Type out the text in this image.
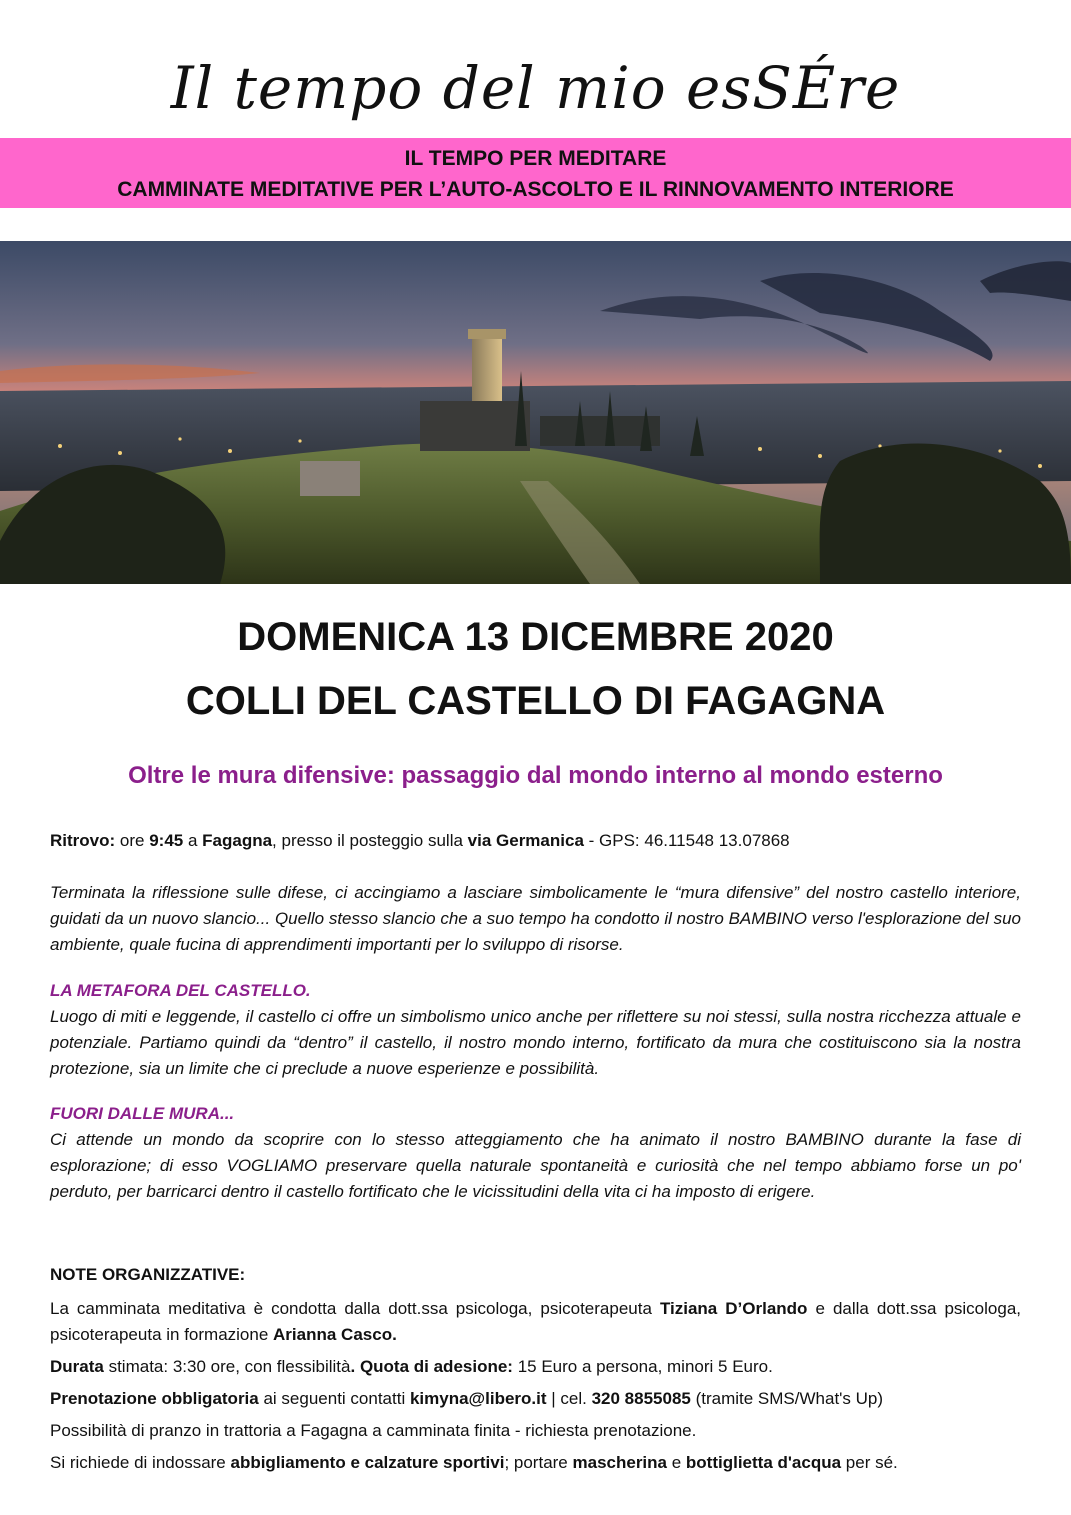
Il tempo del mio esSÉre
IL TEMPO PER MEDITARE
CAMMINATE MEDITATIVE PER L’AUTO-ASCOLTO E IL RINNOVAMENTO INTERIORE
DOMENICA 13 DICEMBRE 2020
COLLI DEL CASTELLO DI FAGAGNA
Oltre le mura difensive: passaggio dal mondo interno al mondo esterno
Ritrovo: ore 9:45 a Fagagna, presso il posteggio sulla via Germanica - GPS: 46.11548 13.07868
Terminata la riflessione sulle difese, ci accingiamo a lasciare simbolicamente le “mura difensive” del nostro castello interiore, guidati da un nuovo slancio... Quello stesso slancio che a suo tempo ha condotto il nostro BAMBINO verso l'esplorazione del suo ambiente, quale fucina di apprendimenti importanti per lo sviluppo di risorse.
LA METAFORA DEL CASTELLO.
Luogo di miti e leggende, il castello ci offre un simbolismo unico anche per riflettere su noi stessi, sulla nostra ricchezza attuale e potenziale. Partiamo quindi da “dentro” il castello, il nostro mondo interno, fortificato da mura che costituiscono sia la nostra protezione, sia un limite che ci preclude a nuove esperienze e possibilità.
FUORI DALLE MURA...
Ci attende un mondo da scoprire con lo stesso atteggiamento che ha animato il nostro BAMBINO durante la fase di esplorazione; di esso VOGLIAMO preservare quella naturale spontaneità e curiosità che nel tempo abbiamo forse un po' perduto, per barricarci dentro il castello fortificato che le vicissitudini della vita ci ha imposto di erigere.
NOTE ORGANIZZATIVE:

La camminata meditativa è condotta dalla dott.ssa psicologa, psicoterapeuta Tiziana D’Orlando e dalla dott.ssa psicologa, psicoterapeuta in formazione Arianna Casco.

Durata stimata: 3:30 ore, con flessibilità. Quota di adesione: 15 Euro a persona, minori 5 Euro.

Prenotazione obbligatoria ai seguenti contatti kimyna@libero.it | cel. 320 8855085 (tramite SMS/What's Up)

Possibilità di pranzo in trattoria a Fagagna a camminata finita - richiesta prenotazione.

Si richiede di indossare abbigliamento e calzature sportivi; portare mascherina e bottiglietta d'acqua per sé.
